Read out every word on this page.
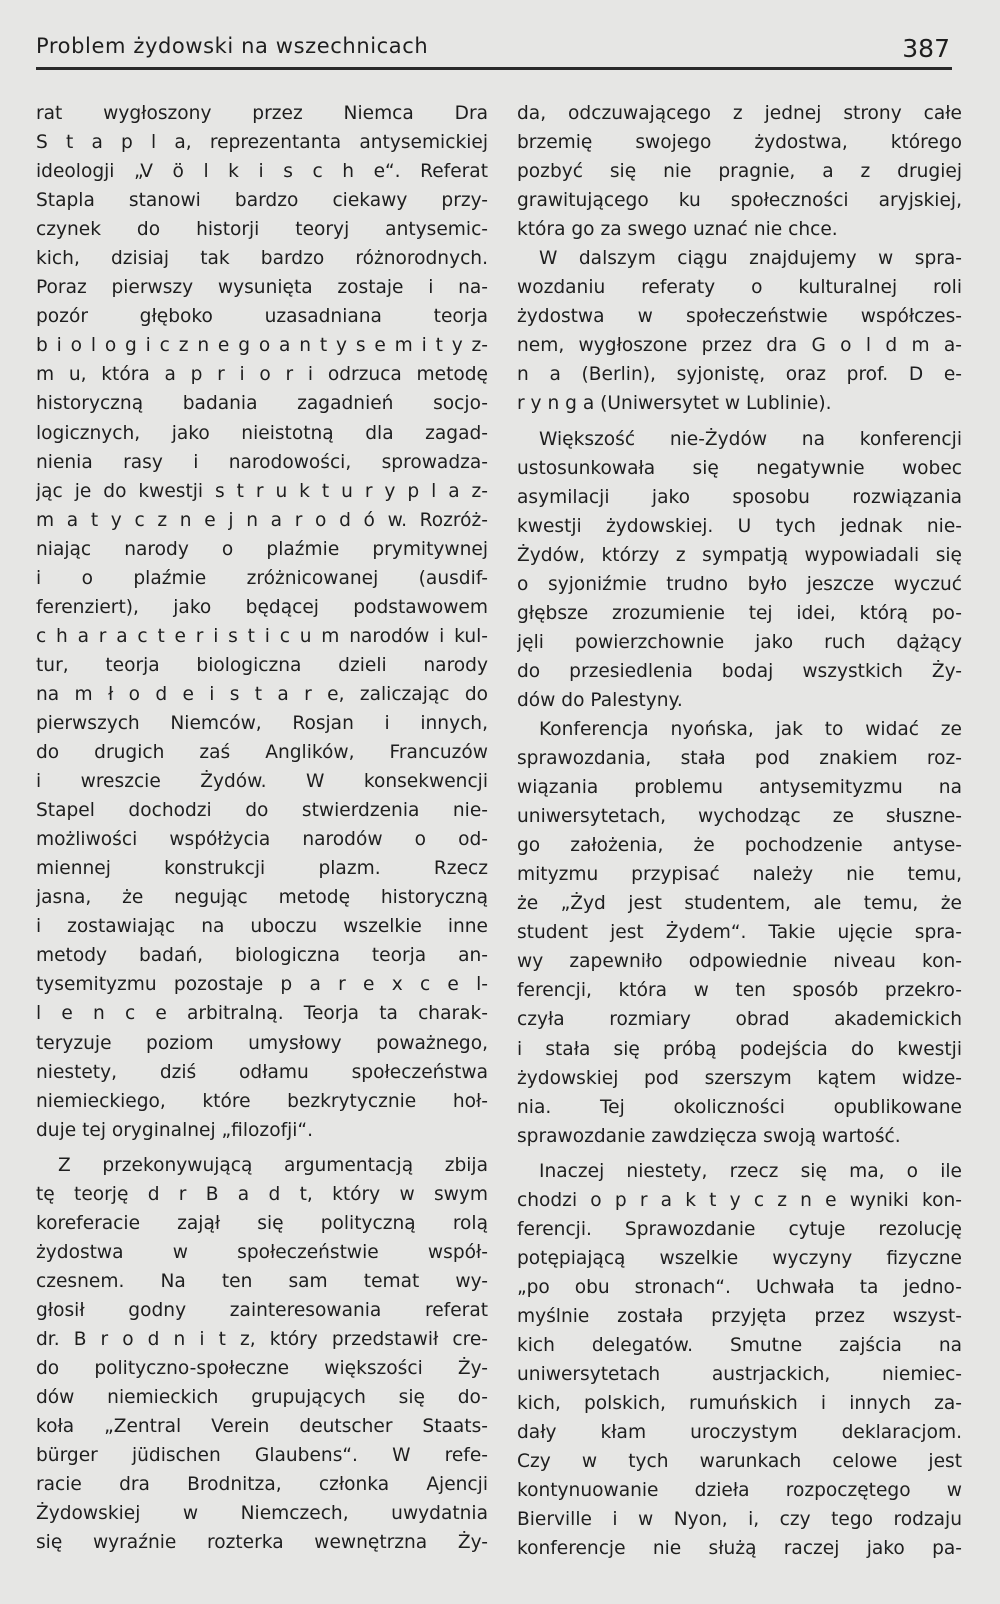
Problem żydowski na wszechnicach	387
rat wygłoszony przez Niemca Dra
S t a p l a, reprezentanta antysemickiej
ideologji „V ö l k i s c h e“. Referat
Stapla stanowi bardzo ciekawy przy-
czynek do historji teoryj antysemic-
kich, dzisiaj tak bardzo różnorodnych.
Poraz pierwszy wysunięta zostaje i na-
pozór głęboko uzasadniana teorja
b i o l o g i c z n e g o a n t y s e m i t y z-
m u, która a p r i o r i odrzuca metodę
historyczną badania zagadnień socjo-
logicznych, jako nieistotną dla zagad-
nienia rasy i narodowości, sprowadza-
jąc je do kwestji s t r u k t u r y p l a z-
m a t y c z n e j n a r o d ó w. Rozróż-
niając narody o plaźmie prymitywnej
i o plaźmie zróżnicowanej (ausdif-
ferenziert), jako będącej podstawowem
c h a r a c t e r i s t i c u m narodów i kul-
tur, teorja biologiczna dzieli narody
na m ł o d e i s t a r e, zaliczając do
pierwszych Niemców, Rosjan i innych,
do drugich zaś Anglików, Francuzów
i wreszcie Żydów. W konsekwencji
Stapel dochodzi do stwierdzenia nie-
możliwości współżycia narodów o od-
miennej konstrukcji plazm. Rzecz
jasna, że negując metodę historyczną
i zostawiając na uboczu wszelkie inne
metody badań, biologiczna teorja an-
tysemityzmu pozostaje p a r e x c e l-
l e n c e arbitralną. Teorja ta charak-
teryzuje poziom umysłowy poważnego,
niestety, dziś odłamu społeczeństwa
niemieckiego, które bezkrytycznie hoł-
duje tej oryginalnej „filozofji“.
Z przekonywującą argumentacją zbija
tę teorję d r B a d t, który w swym
koreferacie zajął się polityczną rolą
żydostwa w społeczeństwie współ-
czesnem. Na ten sam temat wy-
głosił godny zainteresowania referat
dr. B r o d n i t z, który przedstawił cre-
do polityczno-społeczne większości Ży-
dów niemieckich grupujących się do-
koła „Zentral Verein deutscher Staats-
bürger jüdischen Glaubens“. W refe-
racie dra Brodnitza, członka Ajencji
Żydowskiej w Niemczech, uwydatnia
się wyraźnie rozterka wewnętrzna Ży-
da, odczuwającego z jednej strony całe
brzemię swojego żydostwa, którego
pozbyć się nie pragnie, a z drugiej
grawitującego ku społeczności aryjskiej,
która go za swego uznać nie chce.
W dalszym ciągu znajdujemy w spra-
wozdaniu referaty o kulturalnej roli
żydostwa w społeczeństwie współczes-
nem, wygłoszone przez dra G o l d m a-
n a (Berlin), syjonistę, oraz prof. D e-
r y n g a (Uniwersytet w Lublinie).
Większość nie-Żydów na konferencji
ustosunkowała się negatywnie wobec
asymilacji jako sposobu rozwiązania
kwestji żydowskiej. U tych jednak nie-
Żydów, którzy z sympatją wypowiadali się
o syjoniźmie trudno było jeszcze wyczuć
głębsze zrozumienie tej idei, którą po-
jęli powierzchownie jako ruch dążący
do przesiedlenia bodaj wszystkich Ży-
dów do Palestyny.
Konferencja nyońska, jak to widać ze
sprawozdania, stała pod znakiem roz-
wiązania problemu antysemityzmu na
uniwersytetach, wychodząc ze słuszne-
go założenia, że pochodzenie antyse-
mityzmu przypisać należy nie temu,
że „Żyd jest studentem, ale temu, że
student jest Żydem“. Takie ujęcie spra-
wy zapewniło odpowiednie niveau kon-
ferencji, która w ten sposób przekro-
czyła rozmiary obrad akademickich
i stała się próbą podejścia do kwestji
żydowskiej pod szerszym kątem widze-
nia. Tej okoliczności opublikowane
sprawozdanie zawdzięcza swoją wartość.
Inaczej niestety, rzecz się ma, o ile
chodzi o p r a k t y c z n e wyniki kon-
ferencji. Sprawozdanie cytuje rezolucję
potępiającą wszelkie wyczyny fizyczne
„po obu stronach“. Uchwała ta jedno-
myślnie została przyjęta przez wszyst-
kich delegatów. Smutne zajścia na
uniwersytetach austrjackich, niemiec-
kich, polskich, rumuńskich i innych za-
dały kłam uroczystym deklaracjom.
Czy w tych warunkach celowe jest
kontynuowanie dzieła rozpoczętego w
Bierville i w Nyon, i, czy tego rodzaju
konferencje nie służą raczej jako pa-
